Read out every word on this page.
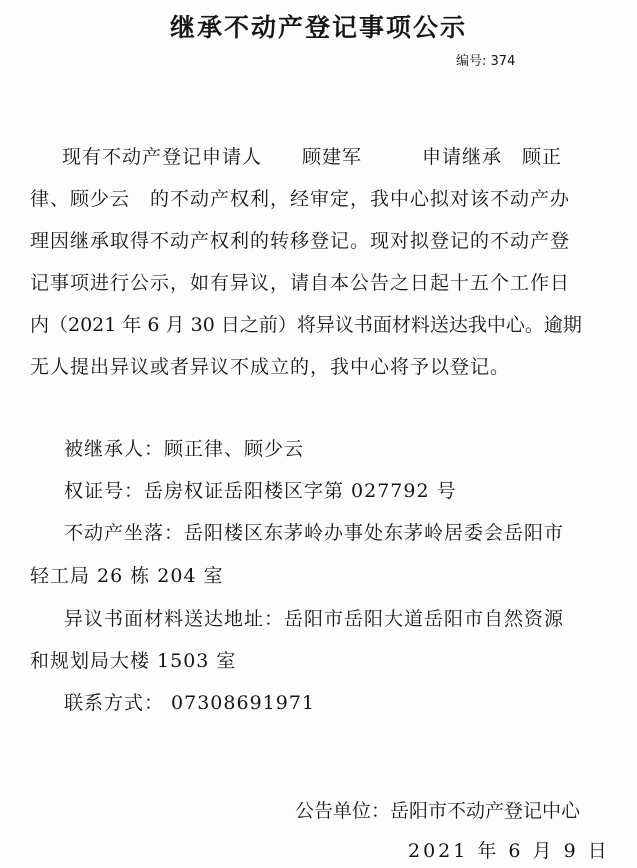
继承不动产登记事项公示
编号: 374
现有不动产登记申请人　　顾建军　　　申请继承　顾正
律、顾少云　的不动产权利，经审定，我中心拟对该不动产办
理因继承取得不动产权利的转移登记。现对拟登记的不动产登
记事项进行公示，如有异议，请自本公告之日起十五个工作日
内（2021 年 6 月 30 日之前）将异议书面材料送达我中心。逾期
无人提出异议或者异议不成立的，我中心将予以登记。
被继承人：顾正律、顾少云
权证号：岳房权证岳阳楼区字第 027792 号
不动产坐落：岳阳楼区东茅岭办事处东茅岭居委会岳阳市
轻工局 26 栋 204 室
异议书面材料送达地址：岳阳市岳阳大道岳阳市自然资源
和规划局大楼 1503 室
联系方式： 07308691971
公告单位：岳阳市不动产登记中心
2021 年 6 月 9 日
